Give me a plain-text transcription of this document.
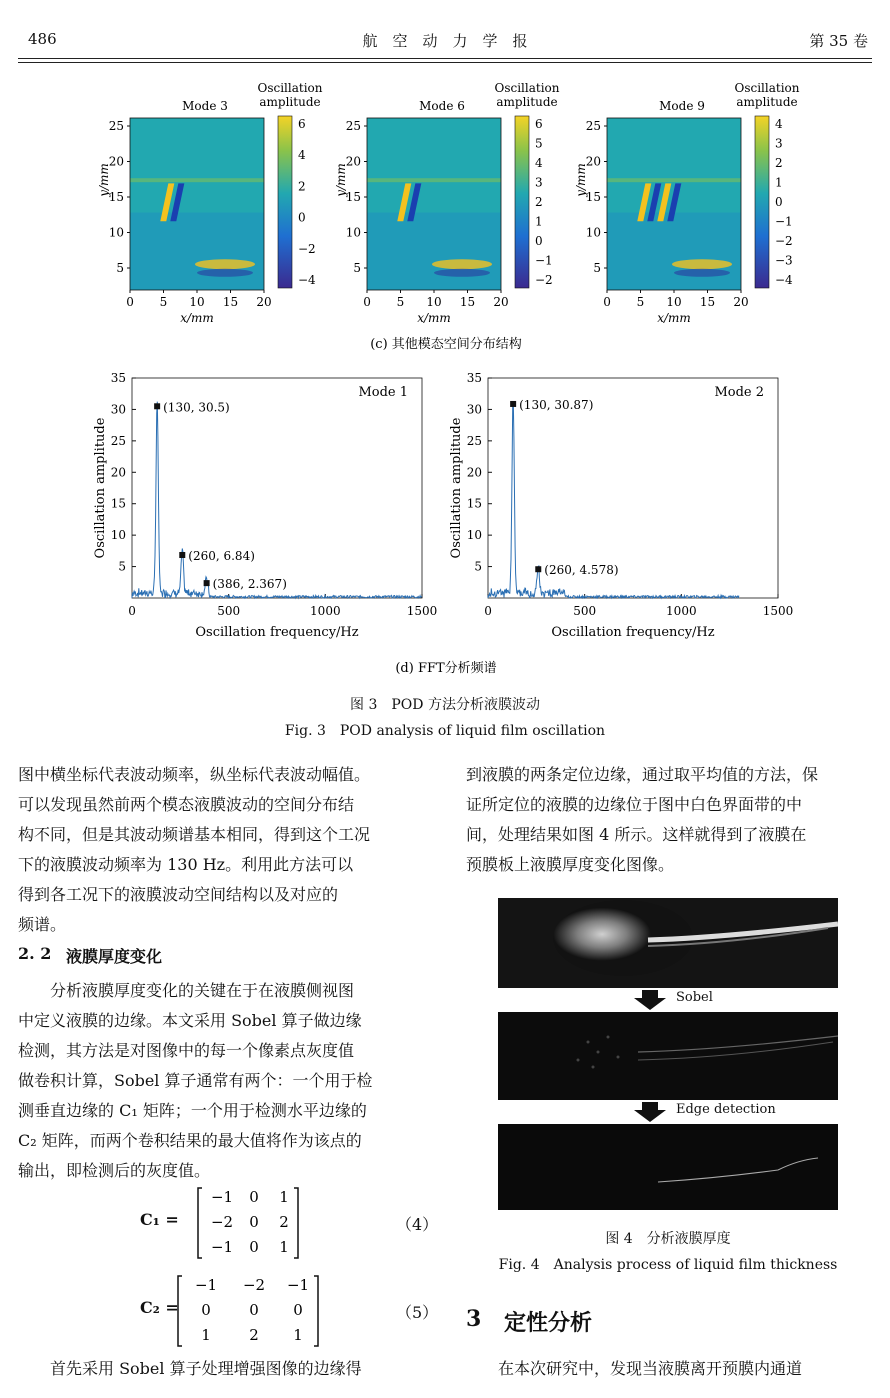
486	航　空　动　力　学　报	第 35 卷
Mode 3
0 5 10 15 20
x/mm
25
20
15
10
5
y/mm
6
4
2
0
−2
−4
Oscillation
amplitude	Mode 6
0 5 10 15 20
x/mm
25
20
15
10
5
y/mm
6
5
4
3
2
1
0
−1
−2
Oscillation
amplitude	Mode 9
0 5 10 15 20
x/mm
25
20
15
10
5
y/mm
4
3
2
1
0
−1
−2
−3
−4
Oscillation
amplitude
(c) 其他模态空间分布结构
35
30
25
20
15
10
5
0	500	1000	1500
Oscillation frequency/Hz
Oscillation amplitude
Mode 1
(130, 30.5)
(260, 6.84)
(386, 2.367)
35
30
25
20
15
10
5
0	500	1000	1500
Oscillation frequency/Hz
Oscillation amplitude
Mode 2
(130, 30.87)
(260, 4.578)
(d) FFT分析频谱
图 3　POD 方法分析液膜波动
Fig. 3　POD analysis of liquid film oscillation
图中横坐标代表波动频率，纵坐标代表波动幅值。
可以发现虽然前两个模态液膜波动的空间分布结
构不同，但是其波动频谱基本相同，得到这个工况
下的液膜波动频率为 130 Hz。利用此方法可以
得到各工况下的液膜波动空间结构以及对应的
频谱。
2. 2 液膜厚度变化
　　分析液膜厚度变化的关键在于在液膜侧视图
中定义液膜的边缘。本文采用 Sobel 算子做边缘
检测，其方法是对图像中的每一个像素点灰度值
做卷积计算，Sobel 算子通常有两个：一个用于检
测垂直边缘的 C₁ 矩阵；一个用于检测水平边缘的
C₂ 矩阵，而两个卷积结果的最大值将作为该点的
输出，即检测后的灰度值。
C₁ =
−1 0 1
−2 0 2
−1 0 1
（4）
C₂ =
−1 −2 −1
0	0 0
1	2 1
（5）
　　首先采用 Sobel 算子处理增强图像的边缘得
到液膜的两条定位边缘，通过取平均值的方法，保
证所定位的液膜的边缘位于图中白色界面带的中
间，处理结果如图 4 所示。这样就得到了液膜在
预膜板上液膜厚度变化图像。
Sobel
Edge detection
图 4　分析液膜厚度
Fig. 4　Analysis process of liquid film thickness
3 定性分析
　　在本次研究中，发现当液膜离开预膜内通道
